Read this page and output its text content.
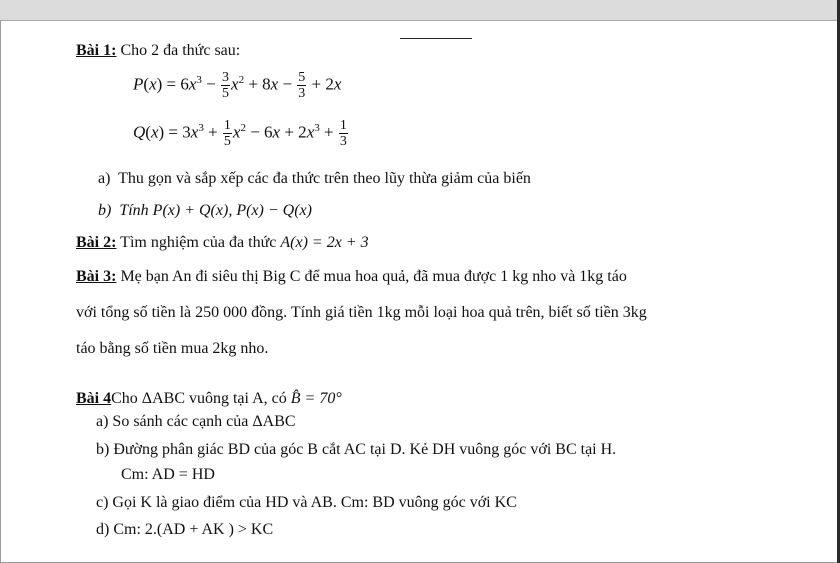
Bài 1: Cho 2 đa thức sau:
$P(x) = 6x^3 - \frac{3}{5} x^2 + 8x - \frac{5}{3} + 2x$
$Q(x) = 3x^3 + \frac{1}{5} x^2 - 6x + 2x^3 + \frac{1}{3}$
a) Thu gọn và sắp xếp các đa thức trên theo lũy thừa giảm của biến
b) Tính P(x) + Q(x), P(x) − Q(x)
Bài 2: Tìm nghiệm của đa thức A(x) = 2x + 3
Bài 3: Mẹ bạn An đi siêu thị Big C để mua hoa quả, đã mua được 1 kg nho và 1kg táo
với tổng số tiền là 250 000 đồng. Tính giá tiền 1kg mỗi loại hoa quả trên, biết số tiền 3kg
táo bằng số tiền mua 2kg nho.
Bài 4Cho ΔABC vuông tại A, có B̂ = 70°
a) So sánh các cạnh của ΔABC
b) Đường phân giác BD của góc B cắt AC tại D. Kẻ DH vuông góc với BC tại H.
Cm: AD = HD
c) Gọi K là giao điểm của HD và AB. Cm: BD vuông góc với KC
d) Cm: 2.(AD + AK ) > KC
